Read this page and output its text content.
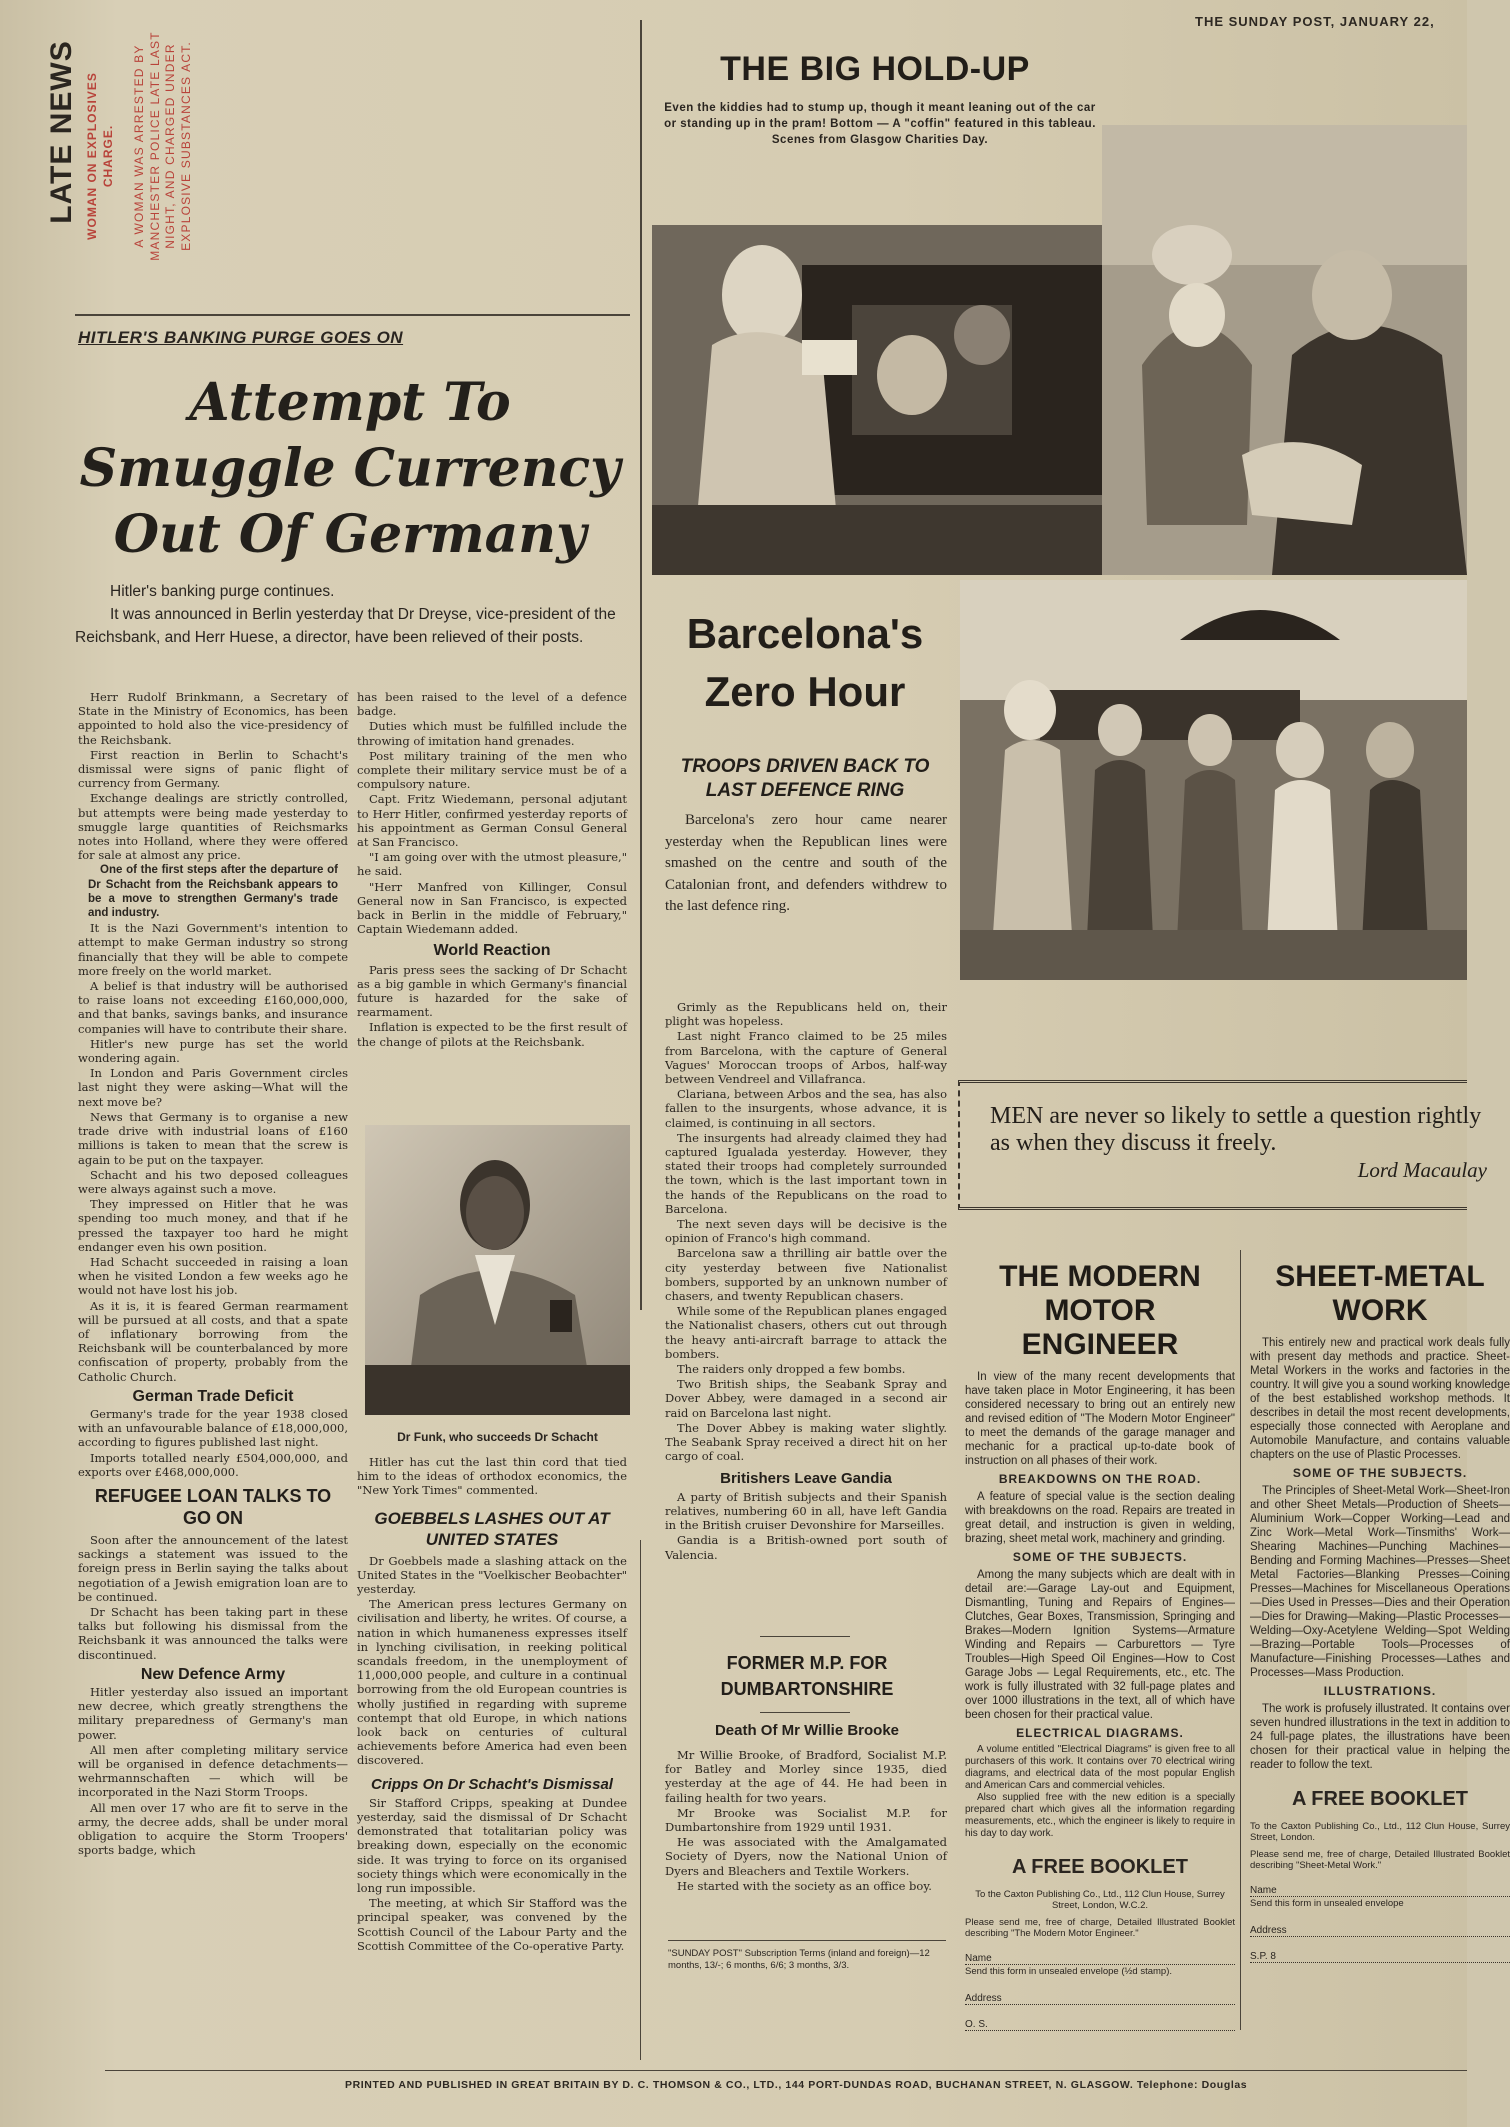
THE SUNDAY POST, JANUARY 22,
LATE NEWS WOMAN ON EXPLOSIVES CHARGE. A WOMAN WAS ARRESTED BY MANCHESTER POLICE LATE LAST NIGHT, AND CHARGED UNDER EXPLOSIVE SUBSTANCES ACT.
HITLER'S BANKING PURGE GOES ON
Attempt To Smuggle Currency Out Of Germany
Hitler's banking purge continues.
It was announced in Berlin yesterday that Dr Dreyse, vice-president of the Reichsbank, and Herr Huese, a director, have been relieved of their posts.

Herr Rudolf Brinkmann, a Secretary of State in the Ministry of Economics, has been appointed to hold also the vice-presidency of the Reichsbank.

First reaction in Berlin to Schacht's dismissal were signs of panic flight of currency from Germany.

Exchange dealings are strictly controlled, but attempts were being made yesterday to smuggle large quantities of Reichsmarks notes into Holland, where they were offered for sale at almost any price.

One of the first steps after the departure of Dr Schacht from the Reichsbank appears to be a move to strengthen Germany's trade and industry.

It is the Nazi Government's intention to attempt to make German industry so strong financially that they will be able to compete more freely on the world market.

A belief is that industry will be authorised to raise loans not exceeding £160,000,000, and that banks, savings banks, and insurance companies will have to contribute their share.

Hitler's new purge has set the world wondering again.

In London and Paris Government circles last night they were asking—What will the next move be?

News that Germany is to organise a new trade drive with industrial loans of £160 millions is taken to mean that the screw is again to be put on the taxpayer.

Schacht and his two deposed colleagues were always against such a move.

They impressed on Hitler that he was spending too much money, and that if he pressed the taxpayer too hard he might endanger even his own position.

Had Schacht succeeded in raising a loan when he visited London a few weeks ago he would not have lost his job.

As it is, it is feared German rearmament will be pursued at all costs, and that a spate of inflationary borrowing from the Reichsbank will be counterbalanced by more confiscation of property, probably from the Catholic Church.

German Trade Deficit

Germany's trade for the year 1938 closed with an unfavourable balance of £18,000,000, according to figures published last night.

Imports totalled nearly £504,000,000, and exports over £468,000,000.

REFUGEE LOAN TALKS TO GO ON

Soon after the announcement of the latest sackings a statement was issued to the foreign press in Berlin saying the talks about negotiation of a Jewish emigration loan are to be continued.

Dr Schacht has been taking part in these talks but following his dismissal from the Reichsbank it was announced the talks were discontinued.

New Defence Army

Hitler yesterday also issued an important new decree, which greatly strengthens the military preparedness of Germany's man power.

All men after completing military service will be organised in defence detachments—wehrmannschaften — which will be incorporated in the Nazi Storm Troops.

All men over 17 who are fit to serve in the army, the decree adds, shall be under moral obligation to acquire the Storm Troopers' sports badge, which

has been raised to the level of a defence badge.

Duties which must be fulfilled include the throwing of imitation hand grenades.

Post military training of the men who complete their military service must be of a compulsory nature.

Capt. Fritz Wiedemann, personal adjutant to Herr Hitler, confirmed yesterday reports of his appointment as German Consul General at San Francisco.

"I am going over with the utmost pleasure," he said.

"Herr Manfred von Killinger, Consul General now in San Francisco, is expected back in Berlin in the middle of February," Captain Wiedemann added.

World Reaction

Paris press sees the sacking of Dr Schacht as a big gamble in which Germany's financial future is hazarded for the sake of rearmament.

Inflation is expected to be the first result of the change of pilots at the Reichsbank.

Dr Funk, who succeeds Dr Schacht

Hitler has cut the last thin cord that tied him to the ideas of orthodox economics, the "New York Times" commented.

GOEBBELS LASHES OUT AT UNITED STATES

Dr Goebbels made a slashing attack on the United States in the "Voelkischer Beobachter" yesterday.

The American press lectures Germany on civilisation and liberty, he writes. Of course, a nation in which humaneness expresses itself in lynching civilisation, in reeking political scandals freedom, in the unemployment of 11,000,000 people, and culture in a continual borrowing from the old European countries is wholly justified in regarding with supreme contempt that old Europe, in which nations look back on centuries of cultural achievements before America had even been discovered.

Cripps On Dr Schacht's Dismissal

Sir Stafford Cripps, speaking at Dundee yesterday, said the dismissal of Dr Schacht demonstrated that totalitarian policy was breaking down, especially on the economic side. It was trying to force on its organised society things which were economically in the long run impossible.

The meeting, at which Sir Stafford was the principal speaker, was convened by the Scottish Council of the Labour Party and the Scottish Committee of the Co-operative Party.

THE BIG HOLD-UP
Even the kiddies had to stump up, though it meant leaning out of the car or standing up in the pram! Bottom — A "coffin" featured in this tableau. Scenes from Glasgow Charities Day.
Barcelona's Zero Hour
TROOPS DRIVEN BACK TO LAST DEFENCE RING
Barcelona's zero hour came nearer yesterday when the Republican lines were smashed on the centre and south of the Catalonian front, and defenders withdrew to the last defence ring.

Grimly as the Republicans held on, their plight was hopeless.

Last night Franco claimed to be 25 miles from Barcelona, with the capture of General Vagues' Moroccan troops of Arbos, half-way between Vendreel and Villafranca.

Clariana, between Arbos and the sea, has also fallen to the insurgents, whose advance, it is claimed, is continuing in all sectors.

The insurgents had already claimed they had captured Igualada yesterday. However, they stated their troops had completely surrounded the town, which is the last important town in the hands of the Republicans on the road to Barcelona.

The next seven days will be decisive is the opinion of Franco's high command.

Barcelona saw a thrilling air battle over the city yesterday between five Nationalist bombers, supported by an unknown number of chasers, and twenty Republican chasers.

While some of the Republican planes engaged the Nationalist chasers, others cut out through the heavy anti-aircraft barrage to attack the bombers.

The raiders only dropped a few bombs.

Two British ships, the Seabank Spray and Dover Abbey, were damaged in a second air raid on Barcelona last night.

The Dover Abbey is making water slightly. The Seabank Spray received a direct hit on her cargo of coal.

Britishers Leave Gandia

A party of British subjects and their Spanish relatives, numbering 60 in all, have left Gandia in the British cruiser Devonshire for Marseilles.

Gandia is a British-owned port south of Valencia.

FORMER M.P. FOR DUMBARTONSHIRE
Death Of Mr Willie Brooke

Mr Willie Brooke, of Bradford, Socialist M.P. for Batley and Morley since 1935, died yesterday at the age of 44. He had been in failing health for two years.

Mr Brooke was Socialist M.P. for Dumbartonshire from 1929 until 1931.

He was associated with the Amalgamated Society of Dyers, now the National Union of Dyers and Bleachers and Textile Workers.

He started with the society as an office boy.

"SUNDAY POST" Subscription Terms (inland and foreign)—12 months, 13/-; 6 months, 6/6; 3 months, 3/3.
MEN are never so likely to settle a question rightly as when they discuss it freely.
Lord Macaulay
THE MODERN MOTOR ENGINEER
In view of the many recent developments that have taken place in Motor Engineering, it has been considered necessary to bring out an entirely new and revised edition of "The Modern Motor Engineer" to meet the demands of the garage manager and mechanic for a practical up-to-date book of instruction on all phases of their work.
BREAKDOWNS ON THE ROAD.
A feature of special value is the section dealing with breakdowns on the road. Repairs are treated in great detail, and instruction is given in welding, brazing, sheet metal work, machinery and grinding.
SOME OF THE SUBJECTS.
Among the many subjects which are dealt with in detail are:—Garage Lay-out and Equipment, Dismantling, Tuning and Repairs of Engines—Clutches, Gear Boxes, Transmission, Springing and Brakes—Modern Ignition Systems—Armature Winding and Repairs — Carburettors — Tyre Troubles—High Speed Oil Engines—How to Cost Garage Jobs — Legal Requirements, etc., etc. The work is fully illustrated with 32 full-page plates and over 1000 illustrations in the text, all of which have been chosen for their practical value.
ELECTRICAL DIAGRAMS.
A volume entitled "Electrical Diagrams" is given free to all purchasers of this work. It contains over 70 electrical wiring diagrams, and electrical data of the most popular English and American Cars and commercial vehicles.
Also supplied free with the new edition is a specially prepared chart which gives all the information regarding measurements, etc., which the engineer is likely to require in his day to day work.
A FREE BOOKLET
To the Caxton Publishing Co., Ltd., 112 Clun House, Surrey Street, London, W.C.2.
Please send me, free of charge, Detailed Illustrated Booklet describing "The Modern Motor Engineer."
Name
Send this form in unsealed envelope (½d stamp).
Address
O. S.
SHEET-METAL WORK
This entirely new and practical work deals fully with present day methods and practice. Sheet-Metal Workers in the works and factories in the country. It will give you a sound working knowledge of the best established workshop methods. It describes in detail the most recent developments, especially those connected with Aeroplane and Automobile Manufacture, and contains valuable chapters on the use of Plastic Processes.
SOME OF THE SUBJECTS.
The Principles of Sheet-Metal Work—Sheet-Iron and other Sheet Metals—Production of Sheets—Aluminium Work—Copper Working—Lead and Zinc Work—Metal Work—Tinsmiths' Work—Shearing Machines—Punching Machines—Bending and Forming Machines—Presses—Sheet Metal Factories—Blanking Presses—Coining Presses—Machines for Miscellaneous Operations—Dies Used in Presses—Dies and their Operation—Dies for Drawing—Making—Plastic Processes—Welding—Oxy-Acetylene Welding—Spot Welding—Brazing—Portable Tools—Processes of Manufacture—Finishing Processes—Lathes and Processes—Mass Production.
ILLUSTRATIONS.
The work is profusely illustrated. It contains over seven hundred illustrations in the text in addition to 24 full-page plates, the illustrations have been chosen for their practical value in helping the reader to follow the text.
A FREE BOOKLET
To the Caxton Publishing Co., Ltd., 112 Clun House, Surrey Street, London.
Please send me, free of charge, Detailed Illustrated Booklet describing "Sheet-Metal Work."
Name
Send this form in unsealed envelope
Address
S.P. 8
PRINTED AND PUBLISHED IN GREAT BRITAIN BY D. C. THOMSON & CO., LTD., 144 PORT-DUNDAS ROAD, BUCHANAN STREET, N. GLASGOW. Telephone: Douglas
